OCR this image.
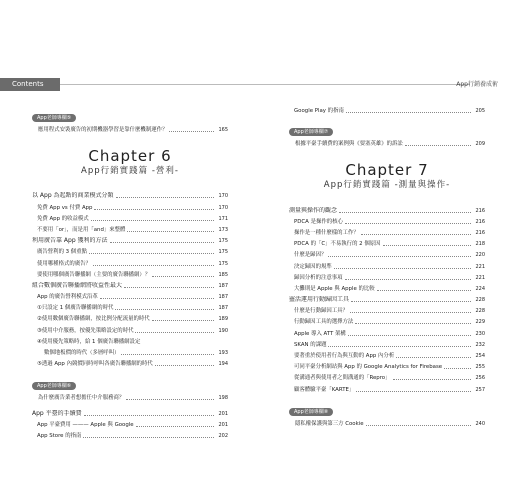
Contents	App行銷養成術
App老師專欄⑤
應用程式安裝廣告的初期機器學習是靠什麼機制運作？	165
Chapter 6
App行銷實踐篇 -營利-
以 App 為起點的商業模式分類	170
免費 App vs 付費 App	170
免費 App 的收益模式	171
不要用「or」，而是用「and」來整體	173
利用廣告靠 App 獲利的方法	175
廣告營利的 3 個重點	175
使用哪種格式的廣告？	175
要使用哪個廣告聯播網（主要的廣告聯播網）？	185
組合數個廣告聯播網將收益性最大	187
App 的廣告營利模式沿革	187
①只設定 1 個廣告聯播網的時代	187
②使用數個廣告聯播網，按比例分配流量的時代	189
③使用中介服務，按優先策略設定的時代	190
④使用優先策略時，給 1 個廣告聯播網設定
數個地板價的時代（多層呼叫）	193
⑤透過 App 內競價同時呼叫各廣告聯播網的時代	194
App老師專欄⑥
為什麼廣告業者想擔任中介服務商？	198
App 平臺的手續費	201
App 平臺費用 ——— Apple 與 Google	201
App Store 的指南	202
Google Play 的指南	205
App老師專欄⑦
根據平臺手續費的案例與《要塞英雄》的訴訟	209
Chapter 7
App行銷實踐篇 -測量與操作-
測量與操作的觀念	216
PDCA 是操作的核心	216
操作是一種什麼樣的工作？	216
PDCA 的「C」不易執行的 2 個原因	218
什麼是歸因？	220
決定歸因的規準	221
歸因分析的注意事項	221
大攤則是 Apple 與 Apple 的比較	224
靈活運用行動歸因工具	228
什麼是行動歸因工具？	228
行動歸因工具的選擇方法	229
Apple 導入 ATT 架構	230
SKAN 的課題	232
要著重於使用者行為與互動的 App 內分析	254
可同平臺分析網站與 App 的 Google Analytics for Firebase	255
從溝通者與使用者之間溝通的「Repro」	256
顧客體驗平臺「KARTE」	257
App老師專欄⑧
隱私權保護與第三方 Cookie	240
